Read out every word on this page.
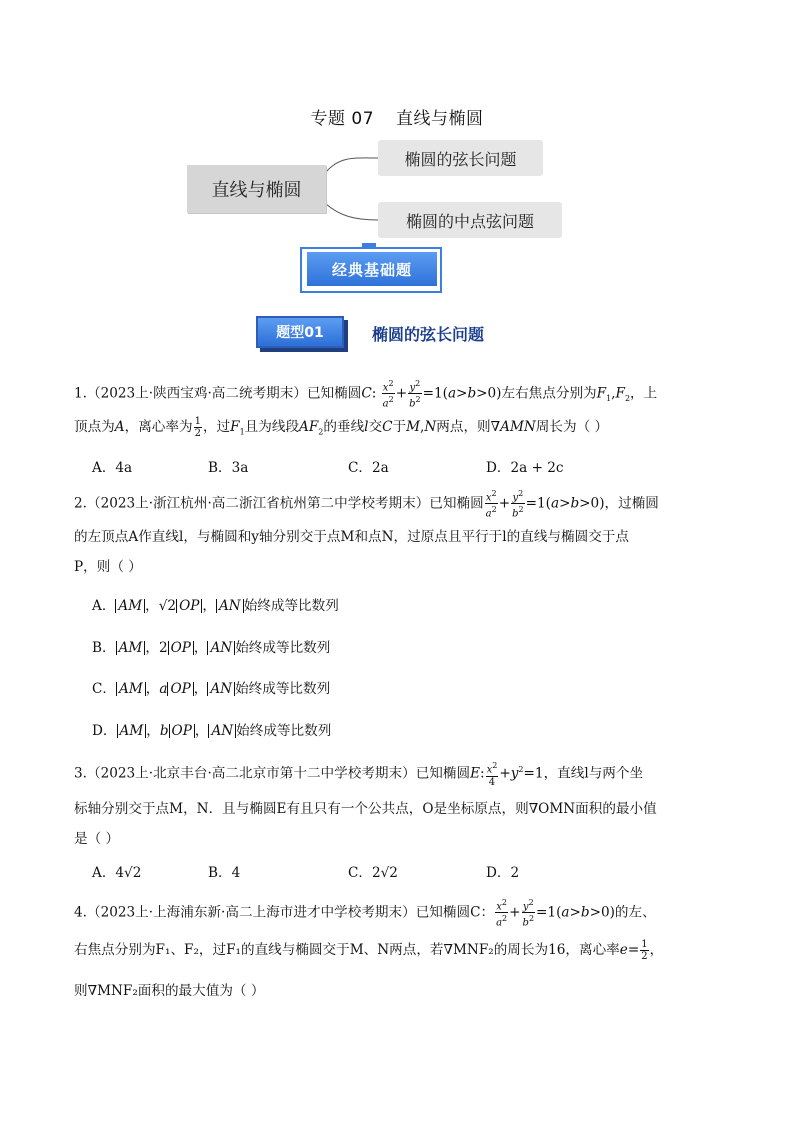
专题 07 直线与椭圆
直线与椭圆
椭圆的弦长问题
椭圆的中点弦问题
经典基础题
题型01	椭圆的弦长问题
1.（2023上·陕西宝鸡·高二统考期末）已知椭圆C: $\frac{x^2}{a^2} + \frac{y^2}{b^2} =1(a>b>0)$左右焦点分别为$F_1,F_2$，上
顶点为A，离心率为 $\frac{1}{2}$ ，过$F_1$且为线段$AF_2$的垂线l交C于M,N两点，则∇AMN周长为（ ）
A．4a	B．3a	C．2a	D．2a + 2c
2.（2023上·浙江杭州·高二浙江省杭州第二中学校考期末）已知椭圆 $\frac{x^2}{a^2} + \frac{y^2}{b^2} =1(a>b>0)$，过椭圆
的左顶点A作直线l，与椭圆和y轴分别交于点M和点N，过原点且平行于l的直线与椭圆交于点
P，则（ ）
A． AM ，√2 OP ， AN 始终成等比数列
B． AM ，2 OP ， AN 始终成等比数列
C． AM ，a OP ， AN 始终成等比数列
D． AM ，b OP ， AN 始终成等比数列
3.（2023上·北京丰台·高二北京市第十二中学校考期末）已知椭圆E: $\frac{x^2}{4} +y^2=1$，直线l与两个坐
标轴分别交于点M，N．且与椭圆E有且只有一个公共点，O是坐标原点，则∇OMN面积的最小值
是（ ）
A．4√2	B．4	C．2√2	D．2
4.（2023上·上海浦东新·高二上海市进才中学校考期末）已知椭圆C： $\frac{x^2}{a^2} + \frac{y^2}{b^2} =1(a>b>0)$的左、
右焦点分别为F₁、F₂，过F₁的直线与椭圆交于M、N两点，若∇MNF₂的周长为16，离心率$e= \frac{1}{2}$ ，
则∇MNF₂面积的最大值为（ ）
